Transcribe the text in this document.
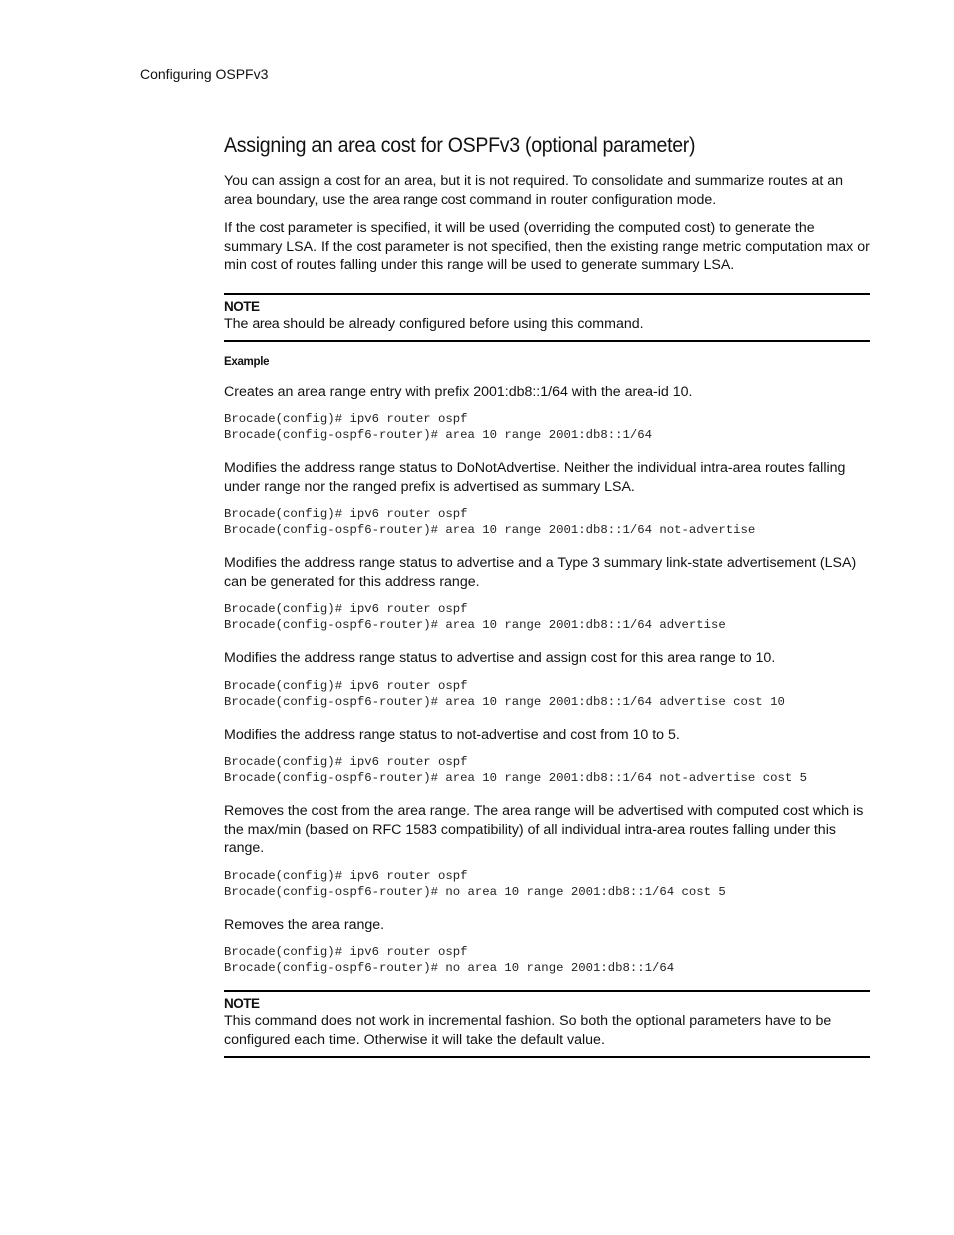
Configuring OSPFv3
Assigning an area cost for OSPFv3 (optional parameter)

You can assign a cost for an area, but it is not required. To consolidate and summarize routes at an area boundary, use the area range cost command in router configuration mode.

If the cost parameter is specified, it will be used (overriding the computed cost) to generate the summary LSA. If the cost parameter is not specified, then the existing range metric computation max or min cost of routes falling under this range will be used to generate summary LSA.

NOTE

The area should be already configured before using this command.

Example

Creates an area range entry with prefix 2001:db8::1/64 with the area-id 10.

Brocade(config)# ipv6 router ospf
Brocade(config-ospf6-router)# area 10 range 2001:db8::1/64

Modifies the address range status to DoNotAdvertise. Neither the individual intra-area routes falling under range nor the ranged prefix is advertised as summary LSA.

Brocade(config)# ipv6 router ospf
Brocade(config-ospf6-router)# area 10 range 2001:db8::1/64 not-advertise

Modifies the address range status to advertise and a Type 3 summary link-state advertisement (LSA) can be generated for this address range.

Brocade(config)# ipv6 router ospf
Brocade(config-ospf6-router)# area 10 range 2001:db8::1/64 advertise

Modifies the address range status to advertise and assign cost for this area range to 10.

Brocade(config)# ipv6 router ospf
Brocade(config-ospf6-router)# area 10 range 2001:db8::1/64 advertise cost 10

Modifies the address range status to not-advertise and cost from 10 to 5.

Brocade(config)# ipv6 router ospf
Brocade(config-ospf6-router)# area 10 range 2001:db8::1/64 not-advertise cost 5

Removes the cost from the area range. The area range will be advertised with computed cost which is the max/min (based on RFC 1583 compatibility) of all individual intra-area routes falling under this range.

Brocade(config)# ipv6 router ospf
Brocade(config-ospf6-router)# no area 10 range 2001:db8::1/64 cost 5

Removes the area range.

Brocade(config)# ipv6 router ospf
Brocade(config-ospf6-router)# no area 10 range 2001:db8::1/64
NOTE

This command does not work in incremental fashion. So both the optional parameters have to be configured each time. Otherwise it will take the default value.
